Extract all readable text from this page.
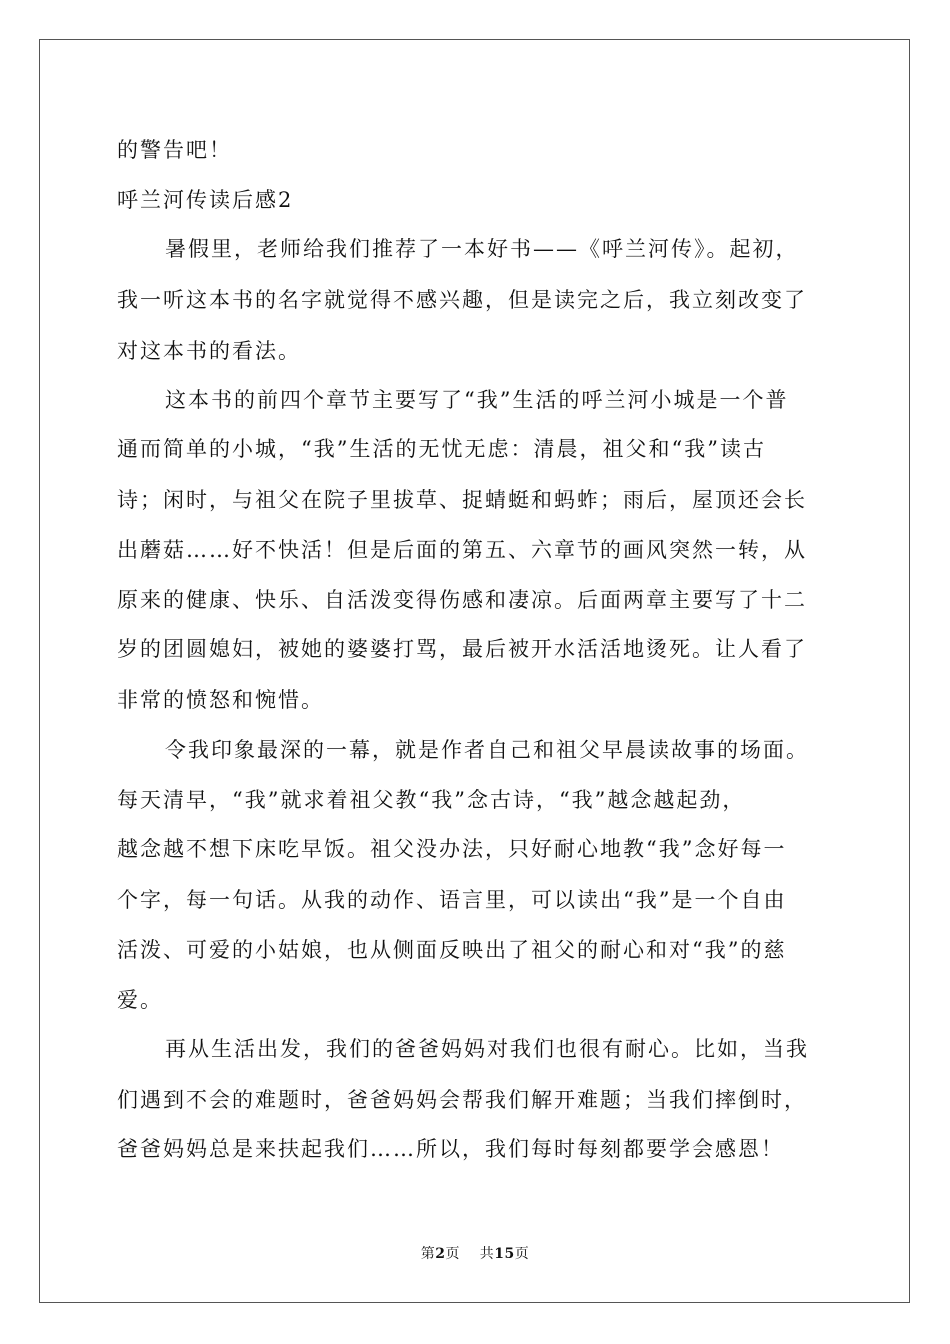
的警告吧！
呼兰河传读后感2
暑假里，老师给我们推荐了一本好书——《呼兰河传》。起初，
我一听这本书的名字就觉得不感兴趣，但是读完之后，我立刻改变了
对这本书的看法。
这本书的前四个章节主要写了“我”生活的呼兰河小城是一个普
通而简单的小城，“我”生活的无忧无虑：清晨，祖父和“我”读古
诗；闲时，与祖父在院子里拔草、捉蜻蜓和蚂蚱；雨后，屋顶还会长
出蘑菇……好不快活！但是后面的第五、六章节的画风突然一转，从
原来的健康、快乐、自活泼变得伤感和凄凉。后面两章主要写了十二
岁的团圆媳妇，被她的婆婆打骂，最后被开水活活地烫死。让人看了
非常的愤怒和惋惜。
令我印象最深的一幕，就是作者自己和祖父早晨读故事的场面。
每天清早，“我”就求着祖父教“我”念古诗，“我”越念越起劲，
越念越不想下床吃早饭。祖父没办法，只好耐心地教“我”念好每一
个字，每一句话。从我的动作、语言里，可以读出“我”是一个自由
活泼、可爱的小姑娘，也从侧面反映出了祖父的耐心和对“我”的慈
爱。
再从生活出发，我们的爸爸妈妈对我们也很有耐心。比如，当我
们遇到不会的难题时，爸爸妈妈会帮我们解开难题；当我们摔倒时，
爸爸妈妈总是来扶起我们……所以，我们每时每刻都要学会感恩！
第2页 共15页
